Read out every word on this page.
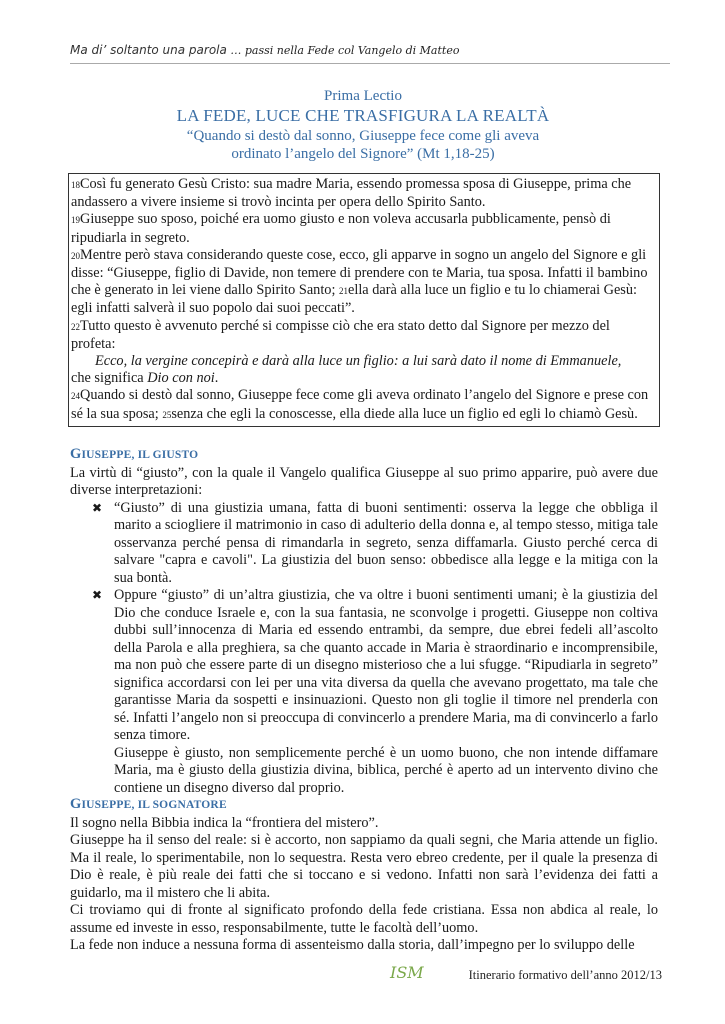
Ma di’ soltanto una parola … passi nella Fede col Vangelo di Matteo
Prima Lectio
LA FEDE, LUCE CHE TRASFIGURA LA REALTÀ
“Quando si destò dal sonno, Giuseppe fece come gli aveva
ordinato l’angelo del Signore” (Mt 1,18-25)

18Così fu generato Gesù Cristo: sua madre Maria, essendo promessa sposa di Giuseppe, prima che andassero a vivere insieme si trovò incinta per opera dello Spirito Santo.

19Giuseppe suo sposo, poiché era uomo giusto e non voleva accusarla pubblicamente, pensò di ripudiarla in segreto.

20Mentre però stava considerando queste cose, ecco, gli apparve in sogno un angelo del Signore e gli disse: “Giuseppe, figlio di Davide, non temere di prendere con te Maria, tua sposa. Infatti il bambino che è generato in lei viene dallo Spirito Santo; 21ella darà alla luce un figlio e tu lo chiamerai Gesù: egli infatti salverà il suo popolo dai suoi peccati”.

22Tutto questo è avvenuto perché si compisse ciò che era stato detto dal Signore per mezzo del profeta:

Ecco, la vergine concepirà e darà alla luce un figlio: a lui sarà dato il nome di Emmanuele,

che significa Dio con noi.

24Quando si destò dal sonno, Giuseppe fece come gli aveva ordinato l’angelo del Signore e prese con sé la sua sposa; 25senza che egli la conoscesse, ella diede alla luce un figlio ed egli lo chiamò Gesù.

GIUSEPPE, IL GIUSTO

La virtù di “giusto”, con la quale il Vangelo qualifica Giuseppe al suo primo apparire, può avere due diverse interpretazioni:

✖ “Giusto” di una giustizia umana, fatta di buoni sentimenti: osserva la legge che obbliga il marito a sciogliere il matrimonio in caso di adulterio della donna e, al tempo stesso, mitiga tale osservanza perché pensa di rimandarla in segreto, senza diffamarla. Giusto perché cerca di salvare "capra e cavoli". La giustizia del buon senso: obbedisce alla legge e la mitiga con la sua bontà.
✖ Oppure “giusto” di un’altra giustizia, che va oltre i buoni sentimenti umani; è la giustizia del Dio che conduce Israele e, con la sua fantasia, ne sconvolge i progetti. Giuseppe non coltiva dubbi sull’innocenza di Maria ed essendo entrambi, da sempre, due ebrei fedeli all’ascolto della Parola e alla preghiera, sa che quanto accade in Maria è straordinario e incomprensibile, ma non può che essere parte di un disegno misterioso che a lui sfugge. “Ripudiarla in segreto” significa accordarsi con lei per una vita diversa da quella che avevano progettato, ma tale che garantisse Maria da sospetti e insinuazioni. Questo non gli toglie il timore nel prenderla con sé. Infatti l’angelo non si preoccupa di convincerlo a prendere Maria, ma di convincerlo a farlo senza timore.

Giuseppe è giusto, non semplicemente perché è un uomo buono, che non intende diffamare Maria, ma è giusto della giustizia divina, biblica, perché è aperto ad un intervento divino che contiene un disegno diverso dal proprio.

GIUSEPPE, IL SOGNATORE

Il sogno nella Bibbia indica la “frontiera del mistero”.

Giuseppe ha il senso del reale: si è accorto, non sappiamo da quali segni, che Maria attende un figlio. Ma il reale, lo sperimentabile, non lo sequestra. Resta vero ebreo credente, per il quale la presenza di Dio è reale, è più reale dei fatti che si toccano e si vedono. Infatti non sarà l’evidenza dei fatti a guidarlo, ma il mistero che li abita.

Ci troviamo qui di fronte al significato profondo della fede cristiana. Essa non abdica al reale, lo assume ed investe in esso, responsabilmente, tutte le facoltà dell’uomo.

La fede non induce a nessuna forma di assenteismo dalla storia, dall’impegno per lo sviluppo delle

ISM	Itinerario formativo dell’anno 2012/13
